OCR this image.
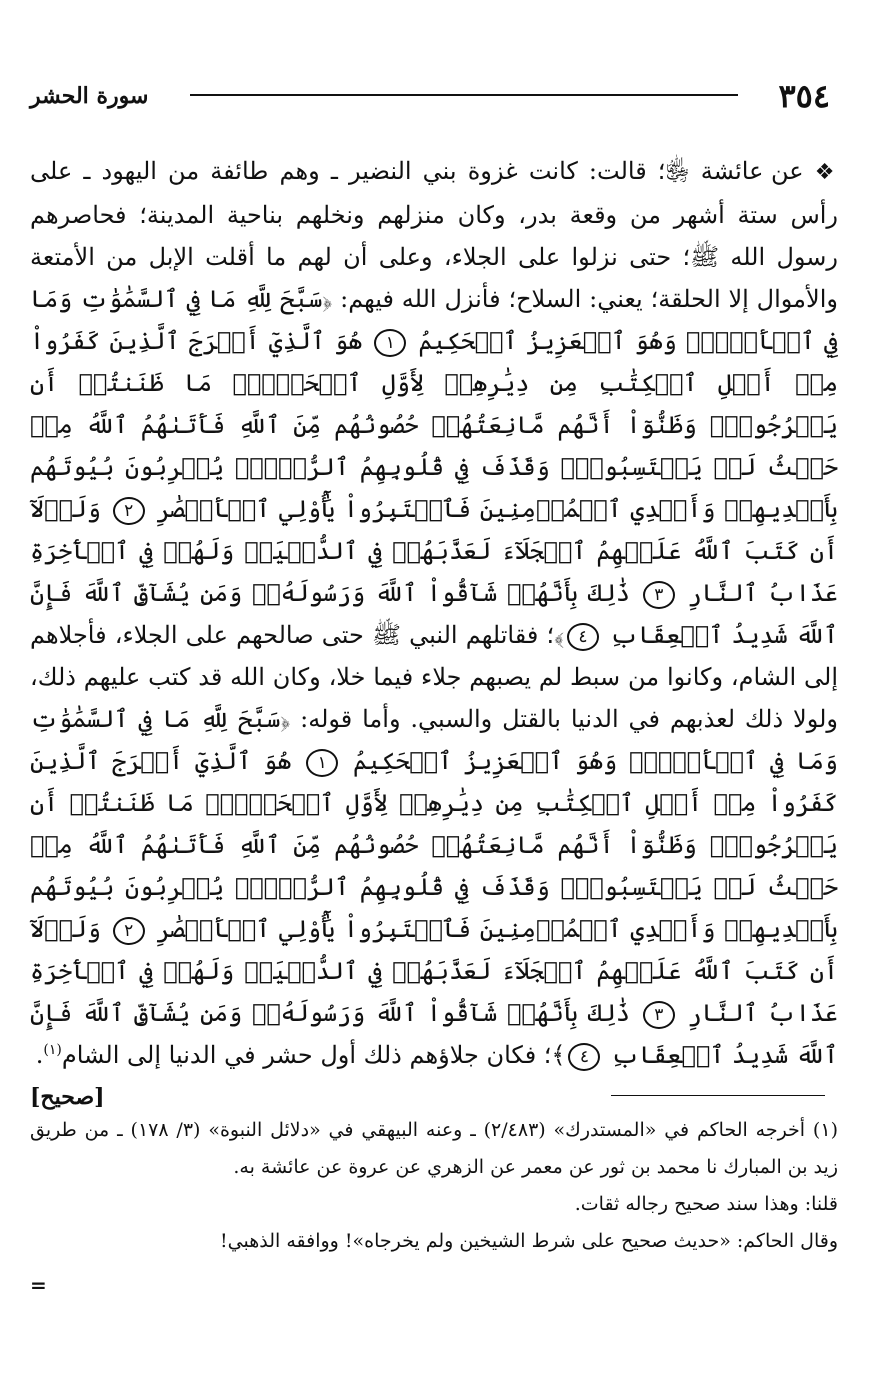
٣٥٤
سورة الحشر

❖ عن عائشة ﵂؛ قالت: كانت غزوة بني النضير ـ وهم طائفة من اليهود ـ على رأس ستة أشهر من وقعة بدر، وكان منزلهم ونخلهم بناحية المدينة؛ فحاصرهم رسول الله ﷺ؛ حتى نزلوا على الجلاء، وعلى أن لهم ما أقلت الإبل من الأمتعة والأموال إلا الحلقة؛ يعني: السلاح؛ فأنزل الله فيهم: ﴿سَبَّحَ لِلَّهِ مَا فِي ٱلسَّمَٰوَٰتِ وَمَا فِي ٱلۡأَرۡضِۖ وَهُوَ ٱلۡعَزِيزُ ٱلۡحَكِيمُ ١ هُوَ ٱلَّذِيٓ أَخۡرَجَ ٱلَّذِينَ كَفَرُواْ مِنۡ أَهۡلِ ٱلۡكِتَٰبِ مِن دِيَٰرِهِمۡ لِأَوَّلِ ٱلۡحَشۡرِۚ مَا ظَنَنتُمۡ أَن يَخۡرُجُواْۖ وَظَنُّوٓاْ أَنَّهُم مَّانِعَتُهُمۡ حُصُونُهُم مِّنَ ٱللَّهِ فَأَتَىٰهُمُ ٱللَّهُ مِنۡ حَيۡثُ لَمۡ يَحۡتَسِبُواْۖ وَقَذَفَ فِي قُلُوبِهِمُ ٱلرُّعۡبَۚ يُخۡرِبُونَ بُيُوتَهُم بِأَيۡدِيهِمۡ وَأَيۡدِي ٱلۡمُؤۡمِنِينَ فَٱعۡتَبِرُواْ يَٰٓأُوْلِي ٱلۡأَبۡصَٰرِ ٢ وَلَوۡلَآ أَن كَتَبَ ٱللَّهُ عَلَيۡهِمُ ٱلۡجَلَآءَ لَعَذَّبَهُمۡ فِي ٱلدُّنۡيَاۖ وَلَهُمۡ فِي ٱلۡأٓخِرَةِ عَذَابُ ٱلنَّارِ ٣ ذَٰلِكَ بِأَنَّهُمۡ شَآقُّواْ ٱللَّهَ وَرَسُولَهُۥۖ وَمَن يُشَآقِّ ٱللَّهَ فَإِنَّ ٱللَّهَ شَدِيدُ ٱلۡعِقَابِ ٤﴾؛ فقاتلهم النبي ﷺ حتى صالحهم على الجلاء، فأجلاهم إلى الشام، وكانوا من سبط لم يصبهم جلاء فيما خلا، وكان الله قد كتب عليهم ذلك، ولولا ذلك لعذبهم في الدنيا بالقتل والسبي. وأما قوله: ﴿سَبَّحَ لِلَّهِ مَا فِي ٱلسَّمَٰوَٰتِ وَمَا فِي ٱلۡأَرۡضِۖ وَهُوَ ٱلۡعَزِيزُ ٱلۡحَكِيمُ ١ هُوَ ٱلَّذِيٓ أَخۡرَجَ ٱلَّذِينَ كَفَرُواْ مِنۡ أَهۡلِ ٱلۡكِتَٰبِ مِن دِيَٰرِهِمۡ لِأَوَّلِ ٱلۡحَشۡرِۚ مَا ظَنَنتُمۡ أَن يَخۡرُجُواْۖ وَظَنُّوٓاْ أَنَّهُم مَّانِعَتُهُمۡ حُصُونُهُم مِّنَ ٱللَّهِ فَأَتَىٰهُمُ ٱللَّهُ مِنۡ حَيۡثُ لَمۡ يَحۡتَسِبُواْۖ وَقَذَفَ فِي قُلُوبِهِمُ ٱلرُّعۡبَۚ يُخۡرِبُونَ بُيُوتَهُم بِأَيۡدِيهِمۡ وَأَيۡدِي ٱلۡمُؤۡمِنِينَ فَٱعۡتَبِرُواْ يَٰٓأُوْلِي ٱلۡأَبۡصَٰرِ ٢ وَلَوۡلَآ أَن كَتَبَ ٱللَّهُ عَلَيۡهِمُ ٱلۡجَلَآءَ لَعَذَّبَهُمۡ فِي ٱلدُّنۡيَاۖ وَلَهُمۡ فِي ٱلۡأٓخِرَةِ عَذَابُ ٱلنَّارِ ٣ ذَٰلِكَ بِأَنَّهُمۡ شَآقُّواْ ٱللَّهَ وَرَسُولَهُۥۖ وَمَن يُشَآقِّ ٱللَّهَ فَإِنَّ ٱللَّهَ شَدِيدُ ٱلۡعِقَابِ ٤﴾؛ فكان جلاؤهم ذلك أول حشر في الدنيا إلى الشام$^{(١)}$.
[صحيح]

(١) أخرجه الحاكم في «المستدرك» (٢/٤٨٣) ـ وعنه البيهقي في «دلائل النبوة» (٣/ ١٧٨) ـ من طريق زيد بن المبارك نا محمد بن ثور عن معمر عن الزهري عن عروة عن عائشة به.
قلنا: وهذا سند صحيح رجاله ثقات.
وقال الحاكم: «حديث صحيح على شرط الشيخين ولم يخرجاه»! ووافقه الذهبي!

=
